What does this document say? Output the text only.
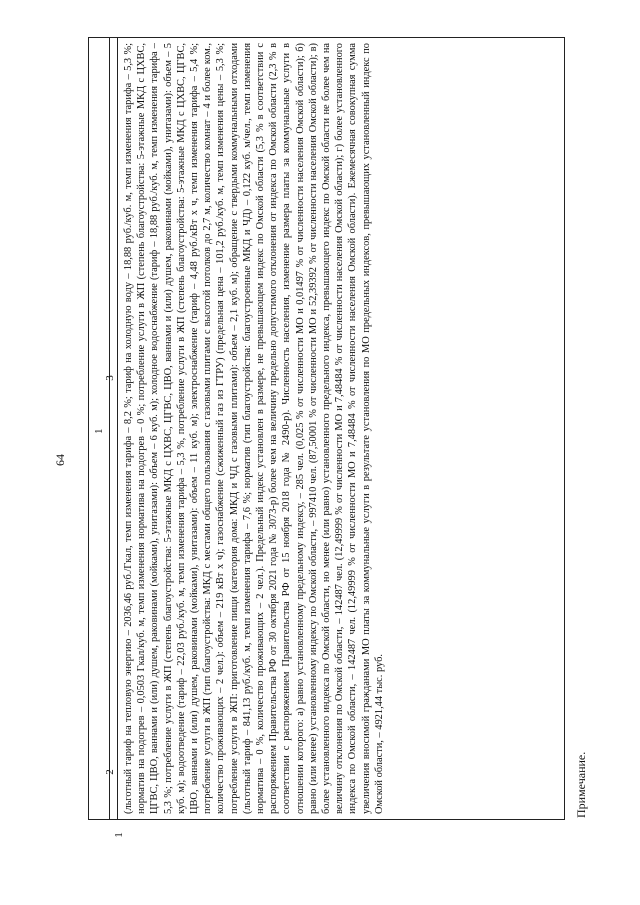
64
1 (льготный тариф на тепловую энергию – 2036,46 руб./Гкал, темп изменения тарифа – 8,2 %; тариф на холодную воду – 18,88 руб./куб. м, темп изменения тарифа – 5,3 %; норматив на подогрев – 0,0503 Гкал/куб. м, темп изменения норматива на подогрев – 0 %; потребление услуги в ЖП (степень благоустройства: 5-этажные МКД с ЦХВС, ЦГВС, ЦВО, ваннами и (или) душем, раковинами (мойками), унитазами): объем – 6 куб. м); холодное водоснабжение (тариф – 18,88 руб./куб. м, темп изменения тарифа – 5,3 %; потребление услуги в ЖП (степень благоустройства: 5-этажные МКД с ЦХВС, ЦГВС, ЦВО, ваннами и (или) душем, раковинами (мойками), унитазами): объем – 5 куб. м); водоотведение (тариф – 22,03 руб./куб. м, темп изменения тарифа – 5,3 %, потребление услуги в ЖП (степень благоустройства: 5-этажные МКД с ЦХВС, ЦГВС, ЦВО, ваннами и (или) душем, раковинами (мойками), унитазами): объем – 11 куб. м); электроснабжение (тариф – 4,48 руб./кВт х ч, темп изменения тарифа – 5,4 %; потребление услуги в ЖП (тип благоустройства: МКД с местами общего пользования с газовыми плитами с высотой потолков до 2,7 м, количество комнат – 4 и более ком., количество проживающих – 2 чел.): объем – 219 кВт х ч); газоснабжение (сжиженный газ из ГТРУ) (предельная цена – 101,2 руб./куб. м, темп изменения цены – 5,3 %; потребление услуги в ЖП: приготовление пищи (категория дома: МКД и ЧД с газовыми плитами): объем – 2,1 куб. м); обращение с твердыми коммунальными отходами (льготный тариф – 841,13 руб./куб. м, темп изменения тарифа – 7,6 %; норматив (тип благоустройства: благоустроенные МКД и ЧД) – 0,122 куб. м/чел., темп изменения норматива – 0 %, количество проживающих – 2 чел.). Предельный индекс установлен в размере, не превышающем индекс по Омской области (5,3 % в соответствии с распоряжением Правительства РФ от 30 октября 2021 года № 3073-р) более чем на величину предельно допустимого отклонения от индекса по Омской области (2,3 % в соответствии с распоряжением Правительства РФ от 15 ноября 2018 года № 2490-р). Численность населения, изменение размера платы за коммунальные услуги в отношении которого: а) равно установленному предельному индексу, – 285 чел. (0,025 % от численности МО и 0,01497 % от численности населения Омской области); б) равно (или менее) установленному индексу по Омской области, – 997410 чел. (87,50001 % от численности МО и 52,39392 % от численности населения Омской области); в) более установленного индекса по Омской области, но менее (или равно) установленного предельного индекса, превышающего индекс по Омской области не более чем на величину отклонения по Омской области, – 142487 чел. (12,49999 % от численности МО и 7,48484 % от численности населения Омской области); г) более установленного индекса по Омской области, – 142487 чел. (12,49999 % от численности МО и 7,48484 % от численности населения Омской области). Ежемесячная совокупная сумма увеличения вносимой гражданами МО платы за коммунальные услуги в результате установления по МО предельных индексов, превышающих установленный индекс по Омской области, – 4921,44 тыс. руб.	Примечание.
1
2
3
